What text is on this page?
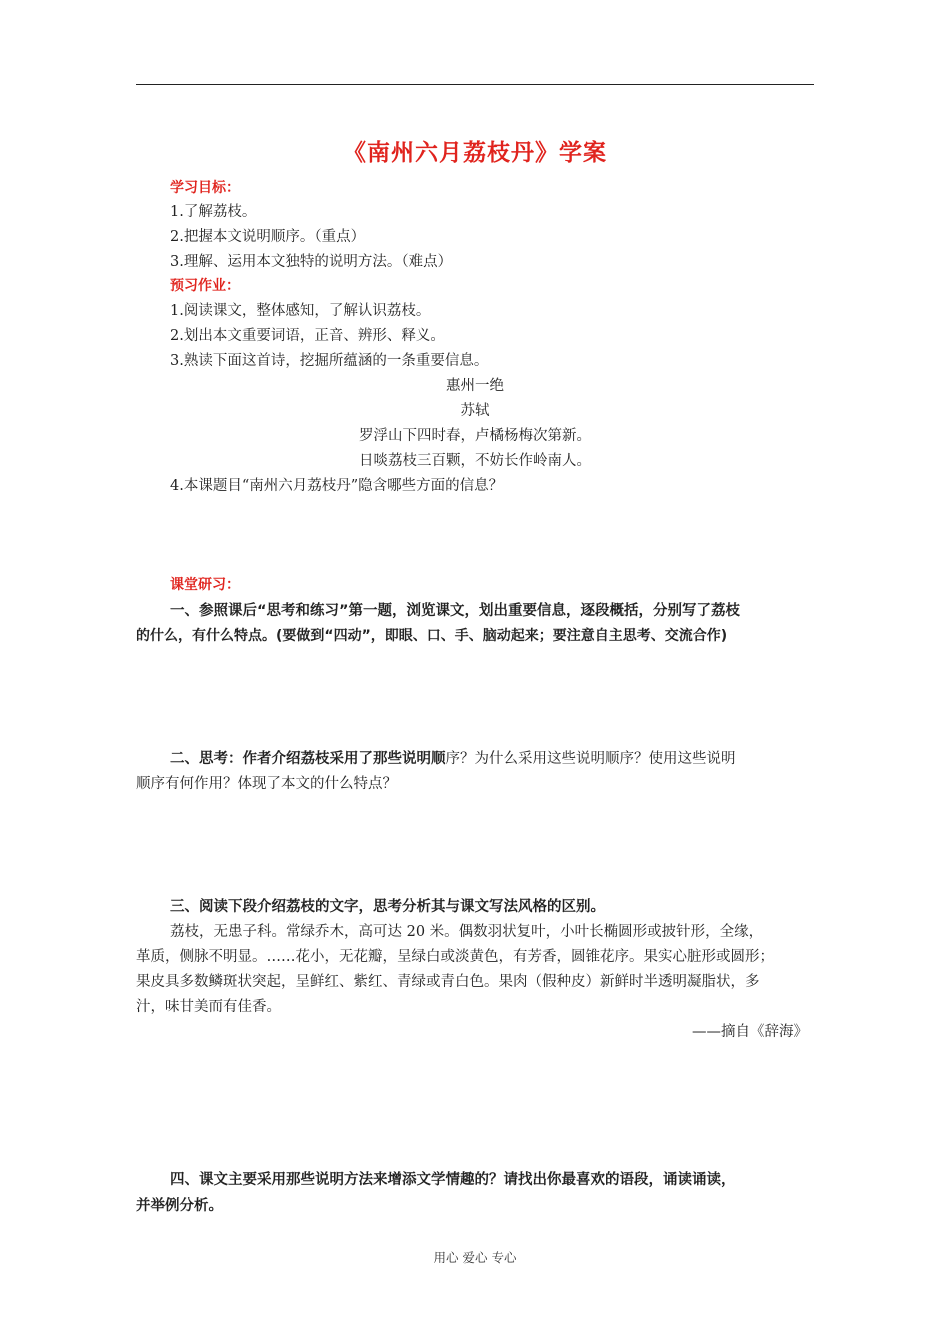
《南州六月荔枝丹》学案
学习目标：
1.了解荔枝。
2.把握本文说明顺序。（重点）
3.理解、运用本文独特的说明方法。（难点）
预习作业：
1.阅读课文，整体感知，了解认识荔枝。
2.划出本文重要词语，正音、辨形、释义。
3.熟读下面这首诗，挖掘所蕴涵的一条重要信息。
惠州一绝
苏轼
罗浮山下四时春，卢橘杨梅次第新。
日啖荔枝三百颗，不妨长作岭南人。
4.本课题目“南州六月荔枝丹”隐含哪些方面的信息？
课堂研习：
一、参照课后“思考和练习”第一题，浏览课文，划出重要信息，逐段概括，分别写了荔枝
的什么，有什么特点。(要做到“四动”，即眼、口、手、脑动起来；要注意自主思考、交流合作)
二、思考：作者介绍荔枝采用了那些说明顺序？为什么采用这些说明顺序？使用这些说明
顺序有何作用？体现了本文的什么特点？
三、阅读下段介绍荔枝的文字，思考分析其与课文写法风格的区别。
荔枝，无患子科。常绿乔木，高可达 20 米。偶数羽状复叶，小叶长椭圆形或披针形，全缘，
革质，侧脉不明显。……花小，无花瓣，呈绿白或淡黄色，有芳香，圆锥花序。果实心脏形或圆形；
果皮具多数鳞斑状突起，呈鲜红、紫红、青绿或青白色。果肉（假种皮）新鲜时半透明凝脂状，多
汁，味甘美而有佳香。
——摘自《辞海》
四、课文主要采用那些说明方法来增添文学情趣的？请找出你最喜欢的语段，诵读诵读，
并举例分析。
用心 爱心 专心
